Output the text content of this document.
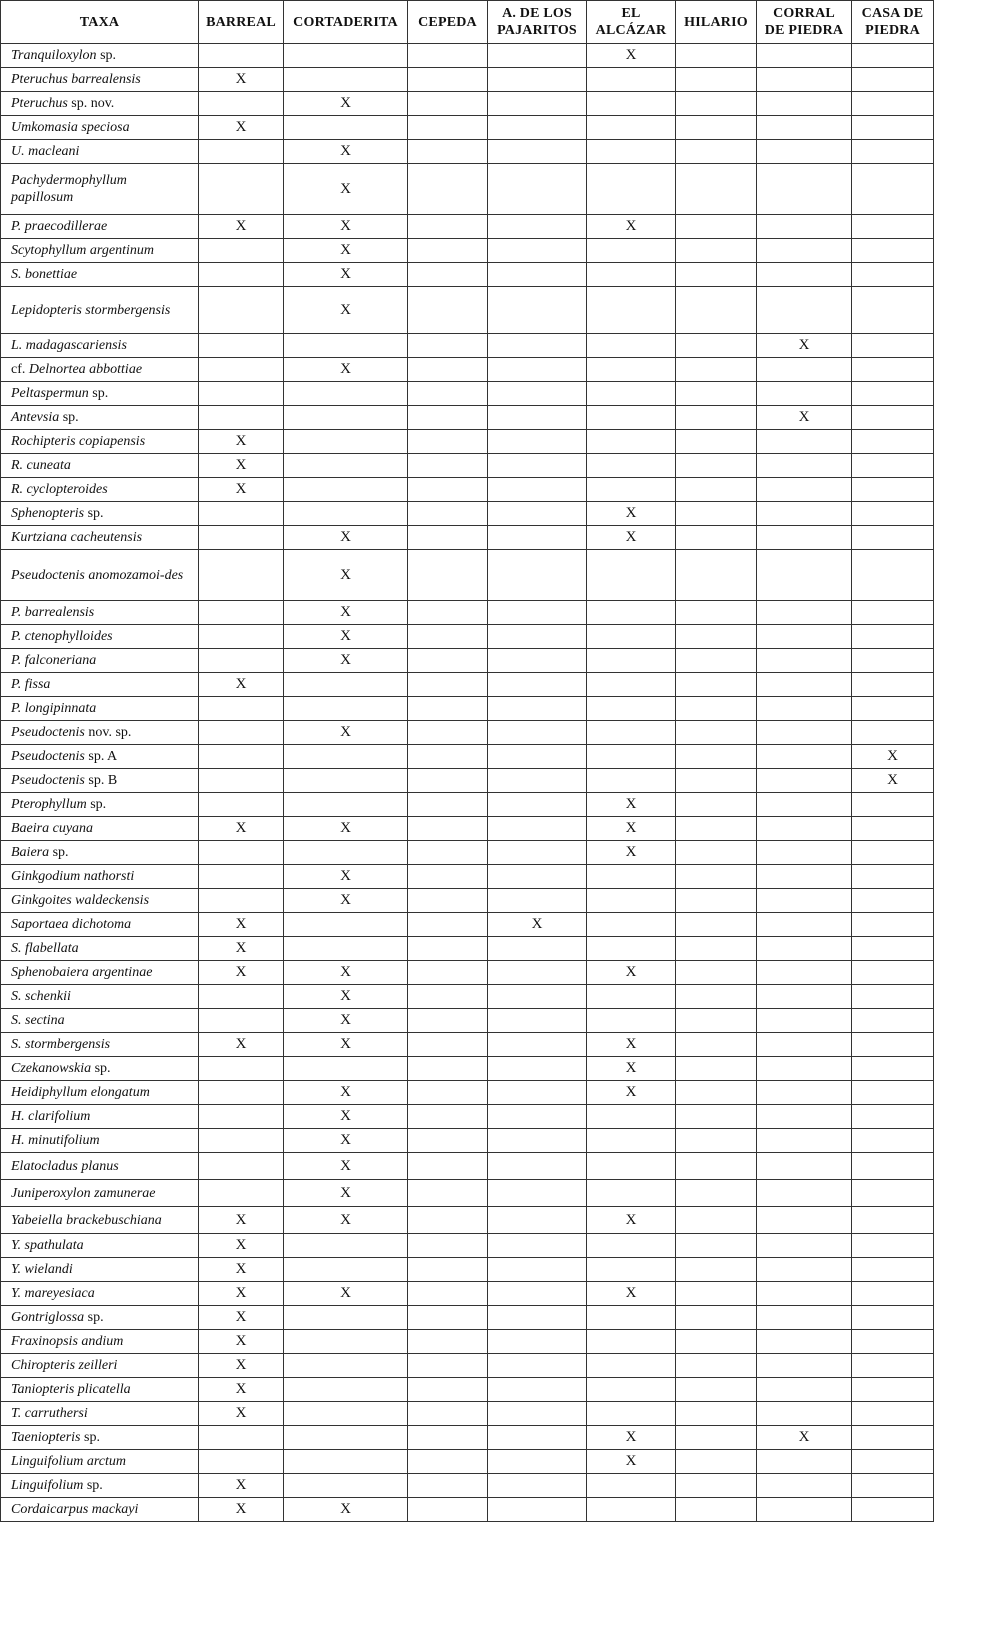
TAXA	BARREAL	CORTADERITA	CEPEDA	A. DE LOS PAJARITOS	EL ALCÁZAR	HILARIO	CORRAL DE PIEDRA	CASA DE PIEDRA
Tranquiloxylon sp.					X			
Pteruchus barrealensis	X							
Pteruchus sp. nov.		X						
Umkomasia speciosa	X							
U. macleani		X						
Pachydermophyllum papillosum		X						
P. praecodillerae	X	X			X			
Scytophyllum argentinum		X						
S. bonettiae		X						
Lepidopteris stormbergensis		X						
L. madagascariensis							X	
cf. Delnortea abbottiae		X						
Peltaspermun sp.								
Antevsia sp.							X	
Rochipteris copiapensis	X							
R. cuneata	X							
R. cyclopteroides	X							
Sphenopteris sp.					X			
Kurtziana cacheutensis		X			X			
Pseudoctenis anomozamoi-des		X						
P. barrealensis		X						
P. ctenophylloides		X						
P. falconeriana		X						
P. fissa	X							
P. longipinnata								
Pseudoctenis nov. sp.		X						
Pseudoctenis sp. A								X
Pseudoctenis sp. B								X
Pterophyllum sp.					X			
Baeira cuyana	X	X			X			
Baiera sp.					X			
Ginkgodium nathorsti		X						
Ginkgoites waldeckensis		X						
Saportaea dichotoma	X			X				
S. flabellata	X							
Sphenobaiera argentinae	X	X			X			
S. schenkii		X						
S. sectina		X						
S. stormbergensis	X	X			X			
Czekanowskia sp.					X			
Heidiphyllum elongatum		X			X			
H. clarifolium		X						
H. minutifolium		X						
Elatocladus planus		X						
Juniperoxylon zamunerae		X						
Yabeiella brackebuschiana	X	X			X			
Y. spathulata	X							
Y. wielandi	X							
Y. mareyesiaca	X	X			X			
Gontriglossa sp.	X							
Fraxinopsis andium	X							
Chiropteris zeilleri	X							
Taniopteris plicatella	X							
T. carruthersi	X							
Taeniopteris sp.					X		X	
Linguifolium arctum					X			
Linguifolium sp.	X							
Cordaicarpus mackayi	X	X						
